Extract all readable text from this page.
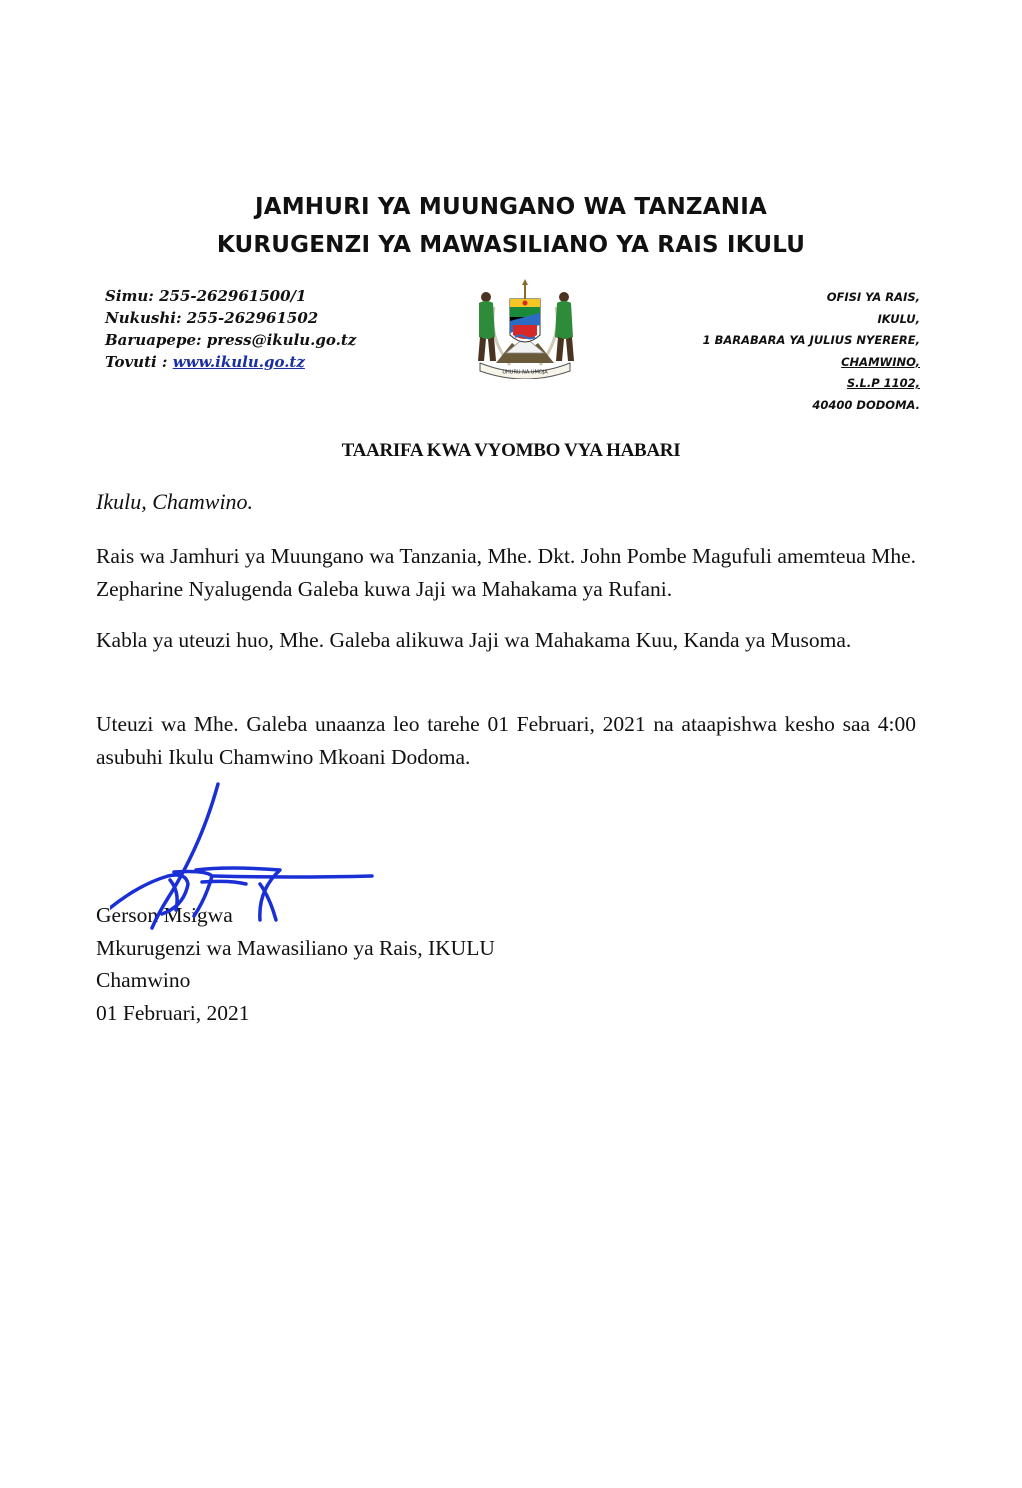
JAMHURI YA MUUNGANO WA TANZANIA
KURUGENZI YA MAWASILIANO YA RAIS IKULU
Simu: 255-262961500/1
Nukushi: 255-262961502
Baruapepe: press@ikulu.go.tz
Tovuti : www.ikulu.go.tz
UHURU NA UMOJA
OFISI YA RAIS,
IKULU,
1 BARABARA YA JULIUS NYERERE,
CHAMWINO,
S.L.P 1102,
40400 DODOMA.
TAARIFA KWA VYOMBO VYA HABARI
Ikulu, Chamwino.
Rais wa Jamhuri ya Muungano wa Tanzania, Mhe. Dkt. John Pombe Magufuli amemteua Mhe. Zepharine Nyalugenda Galeba kuwa Jaji wa Mahakama ya Rufani.
Kabla ya uteuzi huo, Mhe. Galeba alikuwa Jaji wa Mahakama Kuu, Kanda ya Musoma.
Uteuzi wa Mhe. Galeba unaanza leo tarehe 01 Februari, 2021 na ataapishwa kesho saa 4:00 asubuhi Ikulu Chamwino Mkoani Dodoma.
Gerson Msigwa
Mkurugenzi wa Mawasiliano ya Rais, IKULU
Chamwino
01 Februari, 2021
